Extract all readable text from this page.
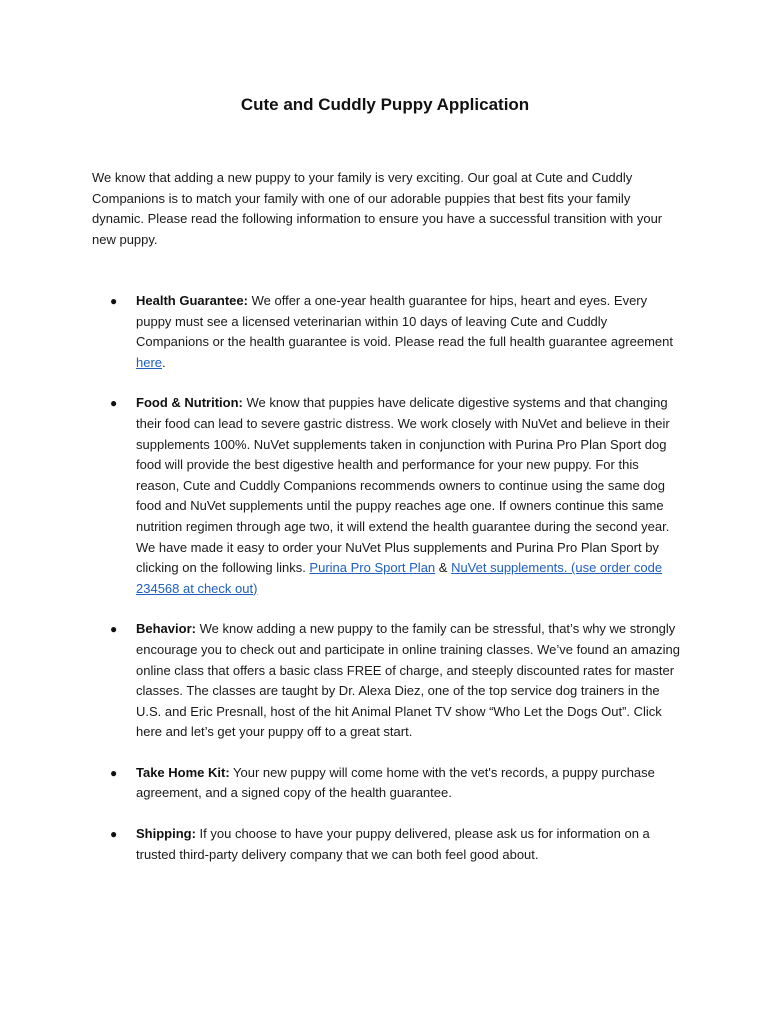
Cute and Cuddly Puppy Application

We know that adding a new puppy to your family is very exciting. Our goal at Cute and Cuddly Companions is to match your family with one of our adorable puppies that best fits your family dynamic. Please read the following information to ensure you have a successful transition with your new puppy.

● Health Guarantee: We offer a one-year health guarantee for hips, heart and eyes. Every puppy must see a licensed veterinarian within 10 days of leaving Cute and Cuddly Companions or the health guarantee is void. Please read the full health guarantee agreement here.
● Food & Nutrition: We know that puppies have delicate digestive systems and that changing their food can lead to severe gastric distress. We work closely with NuVet and believe in their supplements 100%. NuVet supplements taken in conjunction with Purina Pro Plan Sport dog food will provide the best digestive health and performance for your new puppy. For this reason, Cute and Cuddly Companions recommends owners to continue using the same dog food and NuVet supplements until the puppy reaches age one. If owners continue this same nutrition regimen through age two, it will extend the health guarantee during the second year. We have made it easy to order your NuVet Plus supplements and Purina Pro Plan Sport by clicking on the following links. Purina Pro Sport Plan & NuVet supplements. (use order code 234568 at check out)
● Behavior: We know adding a new puppy to the family can be stressful, that’s why we strongly encourage you to check out and participate in online training classes. We’ve found an amazing online class that offers a basic class FREE of charge, and steeply discounted rates for master classes. The classes are taught by Dr. Alexa Diez, one of the top service dog trainers in the U.S. and Eric Presnall, host of the hit Animal Planet TV show “Who Let the Dogs Out”. Click here and let’s get your puppy off to a great start.
● Take Home Kit: Your new puppy will come home with the vet's records, a puppy purchase agreement, and a signed copy of the health guarantee.
● Shipping: If you choose to have your puppy delivered, please ask us for information on a trusted third-party delivery company that we can both feel good about.
